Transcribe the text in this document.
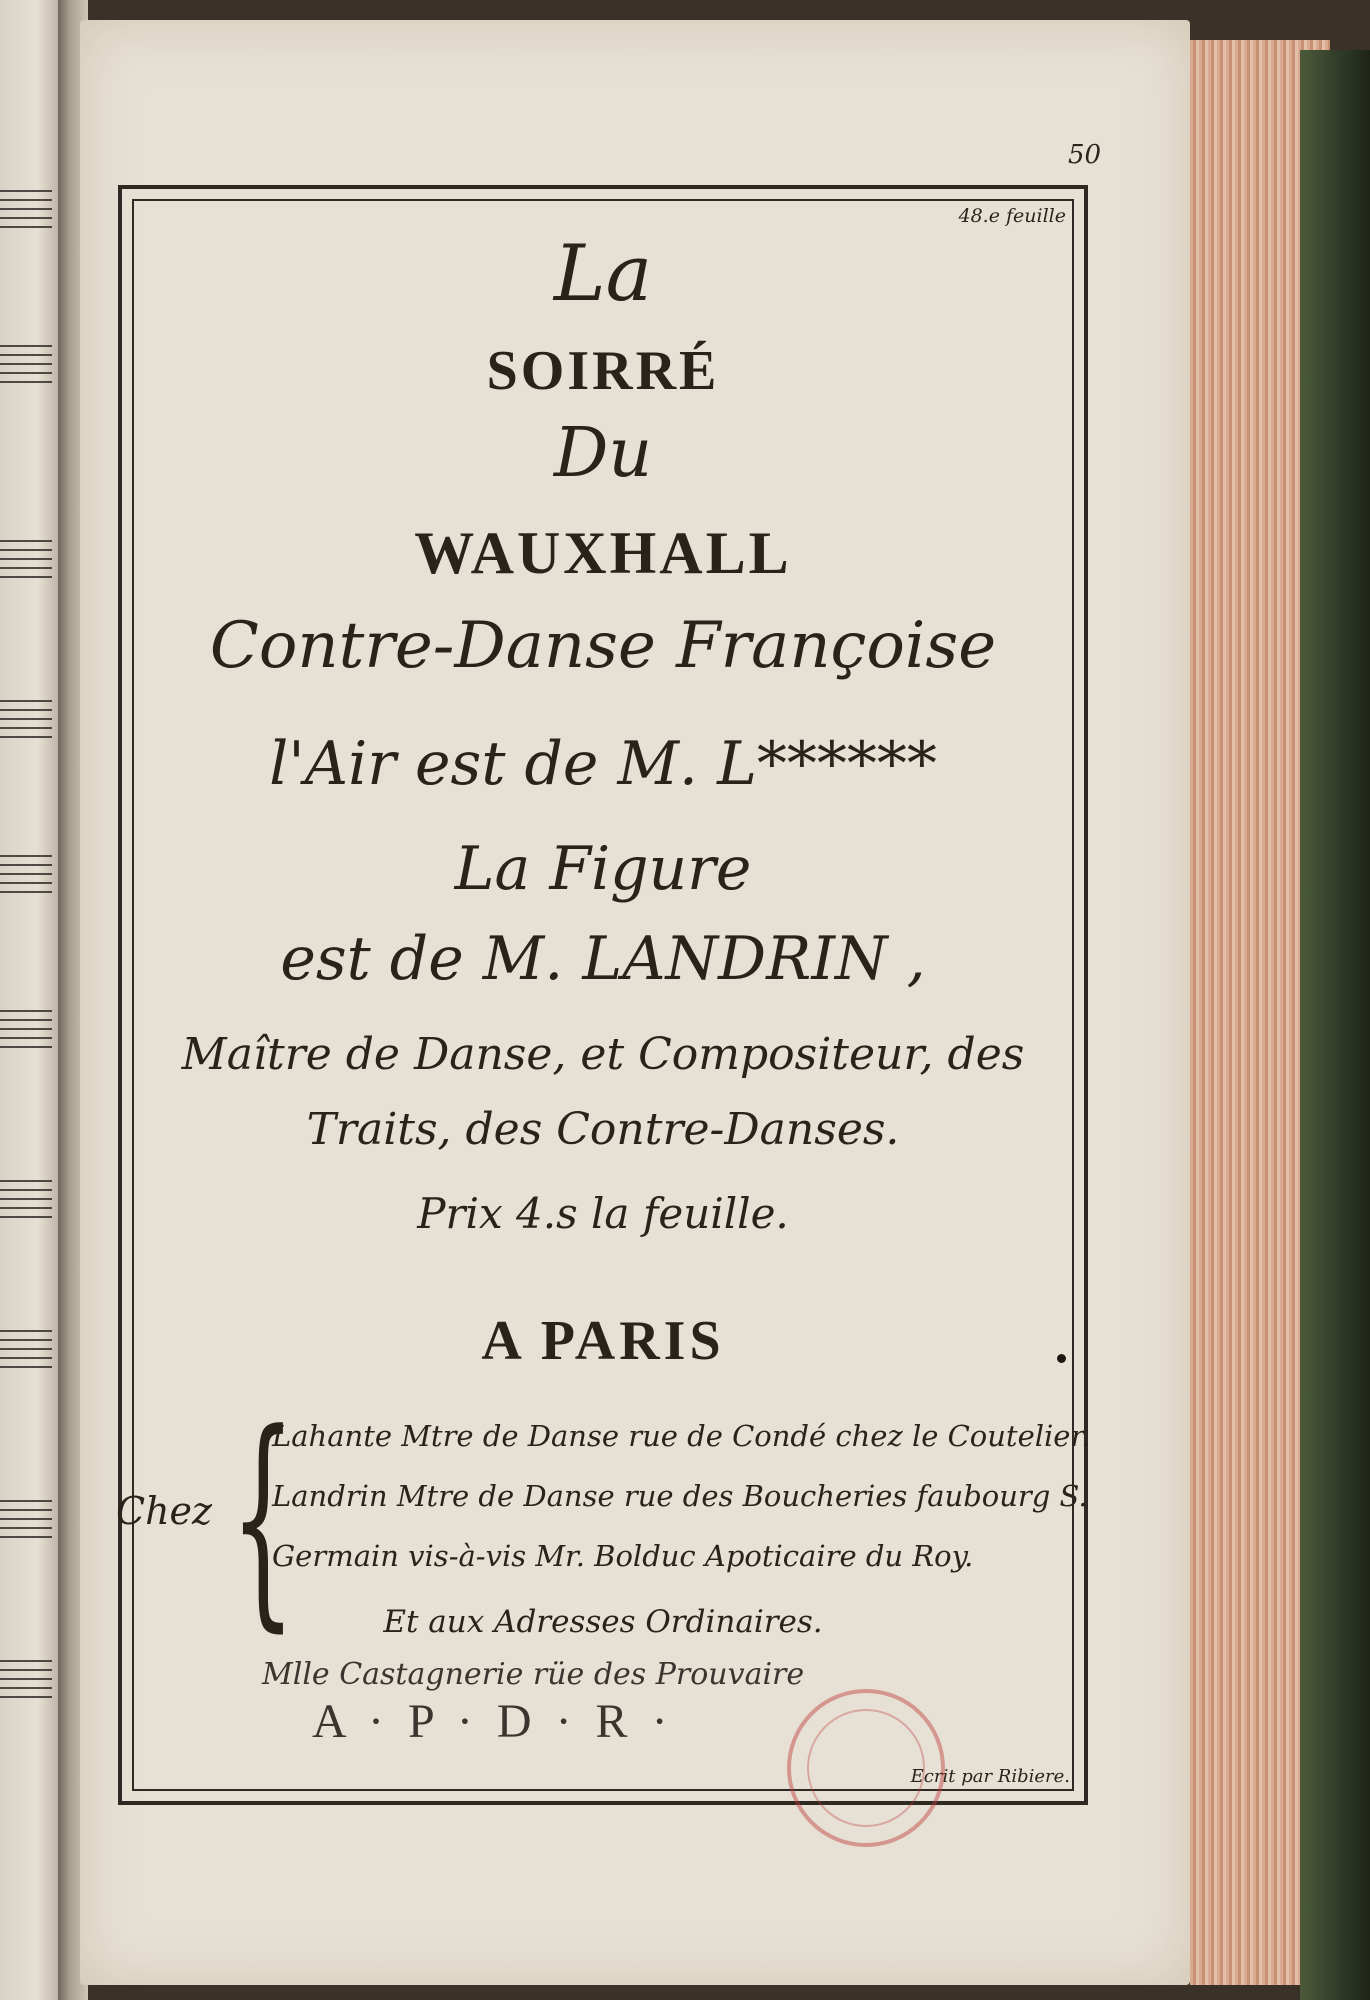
50
48.e feuille
La
SOIRRÉ
Du
WAUXHALL
Contre-Danse Françoise
l'Air est de M. L******
La Figure
est de M. LANDRIN ,
Maître de Danse, et Compositeur, des
Traits, des Contre-Danses.
Prix 4.s la feuille.
A PARIS
Chez {
Lahante Mtre de Danse rue de Condé chez le Coutelier.
Landrin Mtre de Danse rue des Boucheries faubourg S.
Germain vis-à-vis Mr. Bolduc Apoticaire du Roy.
Et aux Adresses Ordinaires.
Mlle Castagnerie rüe des Prouvaire
A · P · D · R ·
Ecrit par Ribiere.
